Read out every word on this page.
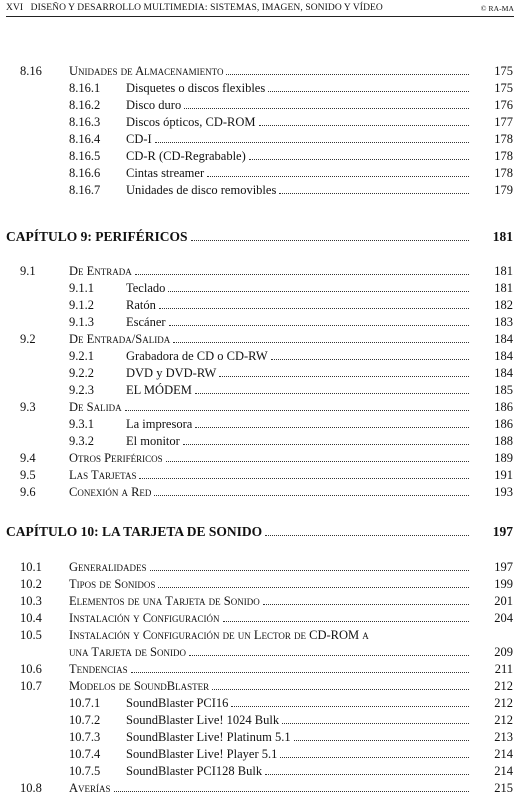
XVI DISEÑO Y DESARROLLO MULTIMEDIA: SISTEMAS, IMAGEN, SONIDO Y VÍDEO	© RA-MA
8.16 Unidades de Almacenamiento	175
8.16.1 Disquetes o discos flexibles	175
8.16.2 Disco duro	176
8.16.3 Discos ópticos, CD-ROM	177
8.16.4 CD-I	178
8.16.5 CD-R (CD-Regrabable)	178
8.16.6 Cintas streamer	178
8.16.7 Unidades de disco removibles	179
CAPÍTULO 9: PERIFÉRICOS	181
9.1	De Entrada	181
9.1.1	Teclado	181
9.1.2	Ratón	182
9.1.3	Escáner	183
9.2	De Entrada/Salida	184
9.2.1	Grabadora de CD o CD-RW	184
9.2.2	DVD y DVD-RW	184
9.2.3	EL MÓDEM	185
9.3	De Salida	186
9.3.1	La impresora	186
9.3.2	El monitor	188
9.4	Otros Periféricos	189
9.5	Las Tarjetas	191
9.6	Conexión a Red	193
CAPÍTULO 10: LA TARJETA DE SONIDO	197
10.1 Generalidades	197
10.2 Tipos de Sonidos	199
10.3 Elementos de una Tarjeta de Sonido	201
10.4 Instalación y Configuración	204
10.5 Instalación y Configuración de un Lector de CD-ROM a
una Tarjeta de Sonido	209
10.6 Tendencias	211
10.7 Modelos de SoundBlaster	212
10.7.1 SoundBlaster PCI16	212
10.7.2 SoundBlaster Live! 1024 Bulk	212
10.7.3 SoundBlaster Live! Platinum 5.1	213
10.7.4 SoundBlaster Live! Player 5.1	214
10.7.5 SoundBlaster PCI128 Bulk	214
10.8 Averías	215
